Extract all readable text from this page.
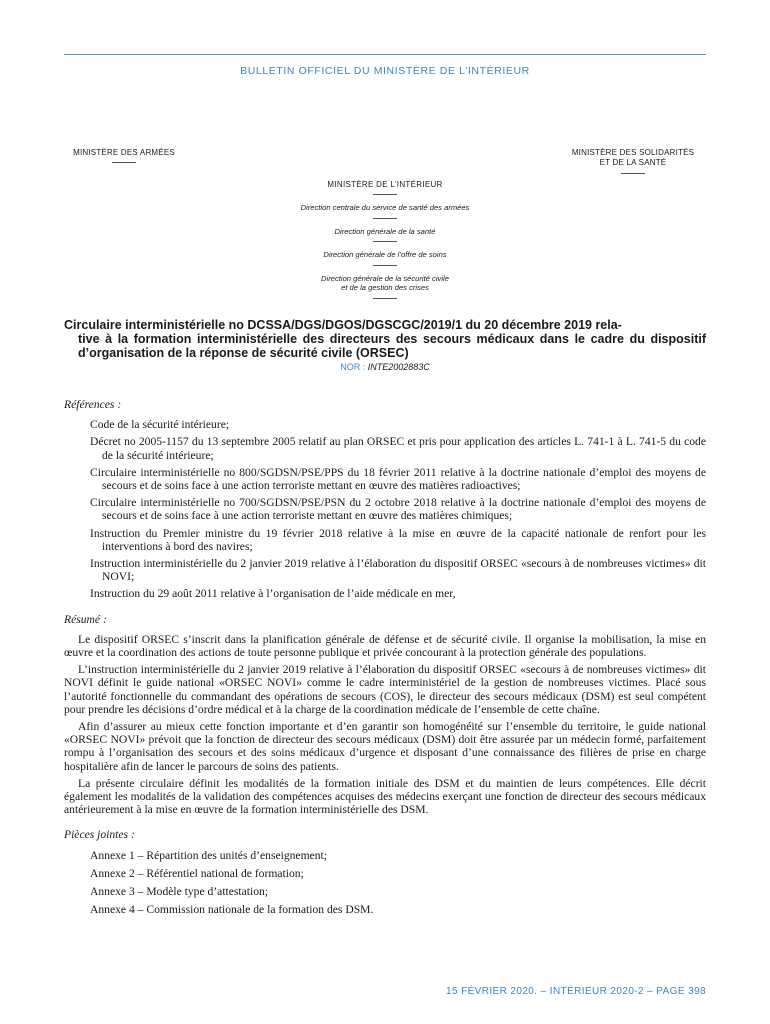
BULLETIN OFFICIEL DU MINISTÈRE DE L’INTÉRIEUR
MINISTÈRE DES ARMÉES	MINISTÈRE DES SOLIDARITÉS
ET DE LA SANTÉ
MINISTÈRE DE L’INTÉRIEUR
Direction centrale du service de santé des armées
Direction générale de la santé
Direction générale de l’offre de soins
Direction générale de la sécurité civile
et de la gestion des crises
Circulaire interministérielle no DCSSA/DGS/DGOS/DGSCGC/2019/1 du 20 décembre 2019 rela-
tive à la formation interministérielle des directeurs des secours médicaux dans le cadre du dispositif d’organisation de la réponse de sécurité civile (ORSEC)
NOR : INTE2002883C
Références :
Code de la sécurité intérieure;
Décret no 2005-1157 du 13 septembre 2005 relatif au plan ORSEC et pris pour application des articles L. 741-1 à L. 741-5 du code de la sécurité intérieure;
Circulaire interministérielle no 800/SGDSN/PSE/PPS du 18 février 2011 relative à la doctrine nationale d’emploi des moyens de secours et de soins face à une action terroriste mettant en œuvre des matières radioactives;
Circulaire interministérielle no 700/SGDSN/PSE/PSN du 2 octobre 2018 relative à la doctrine nationale d’emploi des moyens de secours et de soins face à une action terroriste mettant en œuvre des matières chimiques;
Instruction du Premier ministre du 19 février 2018 relative à la mise en œuvre de la capacité nationale de renfort pour les interventions à bord des navires;
Instruction interministérielle du 2 janvier 2019 relative à l’élaboration du dispositif ORSEC «secours à de nombreuses victimes» dit NOVI;
Instruction du 29 août 2011 relative à l’organisation de l’aide médicale en mer,
Résumé :

Le dispositif ORSEC s’inscrit dans la planification générale de défense et de sécurité civile. Il organise la mobilisation, la mise en œuvre et la coordination des actions de toute personne publique et privée concourant à la protection générale des populations.

L’instruction interministérielle du 2 janvier 2019 relative à l’élaboration du dispositif ORSEC «secours à de nombreuses victimes» dit NOVI définit le guide national «ORSEC NOVI» comme le cadre interministériel de la gestion de nombreuses victimes. Placé sous l’autorité fonctionnelle du commandant des opérations de secours (COS), le directeur des secours médicaux (DSM) est seul compétent pour prendre les décisions d’ordre médical et à la charge de la coordination médicale de l’ensemble de cette chaîne.

Afin d’assurer au mieux cette fonction importante et d’en garantir son homogénéité sur l’ensemble du territoire, le guide national «ORSEC NOVI» prévoit que la fonction de directeur des secours médicaux (DSM) doit être assurée par un médecin formé, parfaitement rompu à l’organisation des secours et des soins médicaux d’urgence et disposant d’une connaissance des filières de prise en charge hospitalière afin de lancer le parcours de soins des patients.

La présente circulaire définit les modalités de la formation initiale des DSM et du maintien de leurs compétences. Elle décrit également les modalités de la validation des compétences acquises des médecins exerçant une fonction de directeur des secours médicaux antérieurement à la mise en œuvre de la formation interministérielle des DSM.

Pièces jointes :
Annexe 1 – Répartition des unités d’enseignement;
Annexe 2 – Référentiel national de formation;
Annexe 3 – Modèle type d’attestation;
Annexe 4 – Commission nationale de la formation des DSM.
15 FÉVRIER 2020. – INTÉRIEUR 2020-2 – PAGE 398
